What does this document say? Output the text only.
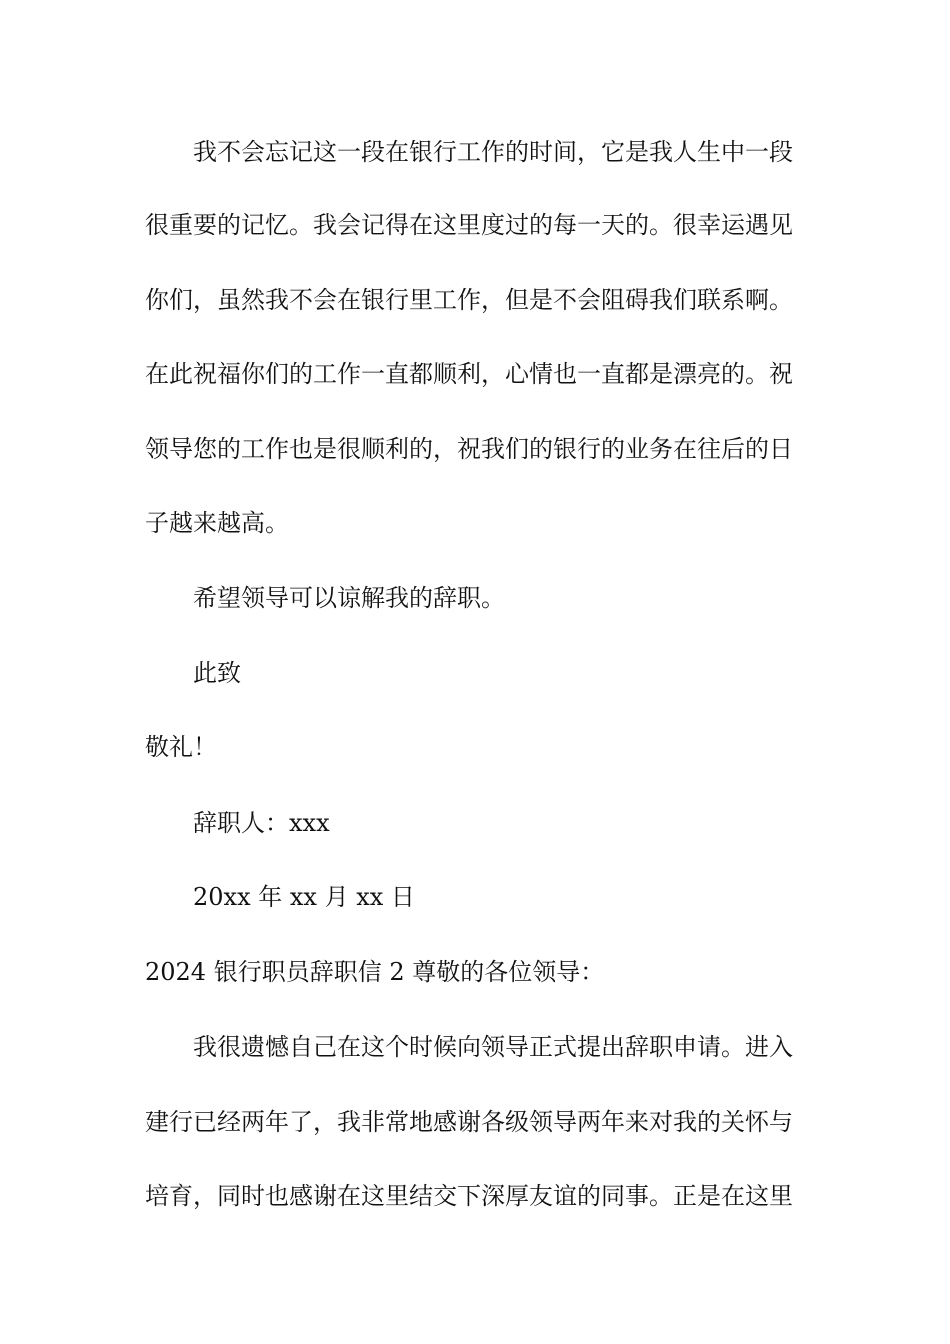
我不会忘记这一段在银行工作的时间，它是我人生中一段
很重要的记忆。我会记得在这里度过的每一天的。很幸运遇见
你们，虽然我不会在银行里工作，但是不会阻碍我们联系啊。
在此祝福你们的工作一直都顺利，心情也一直都是漂亮的。祝
领导您的工作也是很顺利的，祝我们的银行的业务在往后的日
子越来越高。
希望领导可以谅解我的辞职。
此致
敬礼！
辞职人：xxx
20xx 年 xx 月 xx 日
2024 银行职员辞职信 2 尊敬的各位领导：
我很遗憾自己在这个时候向领导正式提出辞职申请。进入
建行已经两年了，我非常地感谢各级领导两年来对我的关怀与
培育，同时也感谢在这里结交下深厚友谊的同事。正是在这里
